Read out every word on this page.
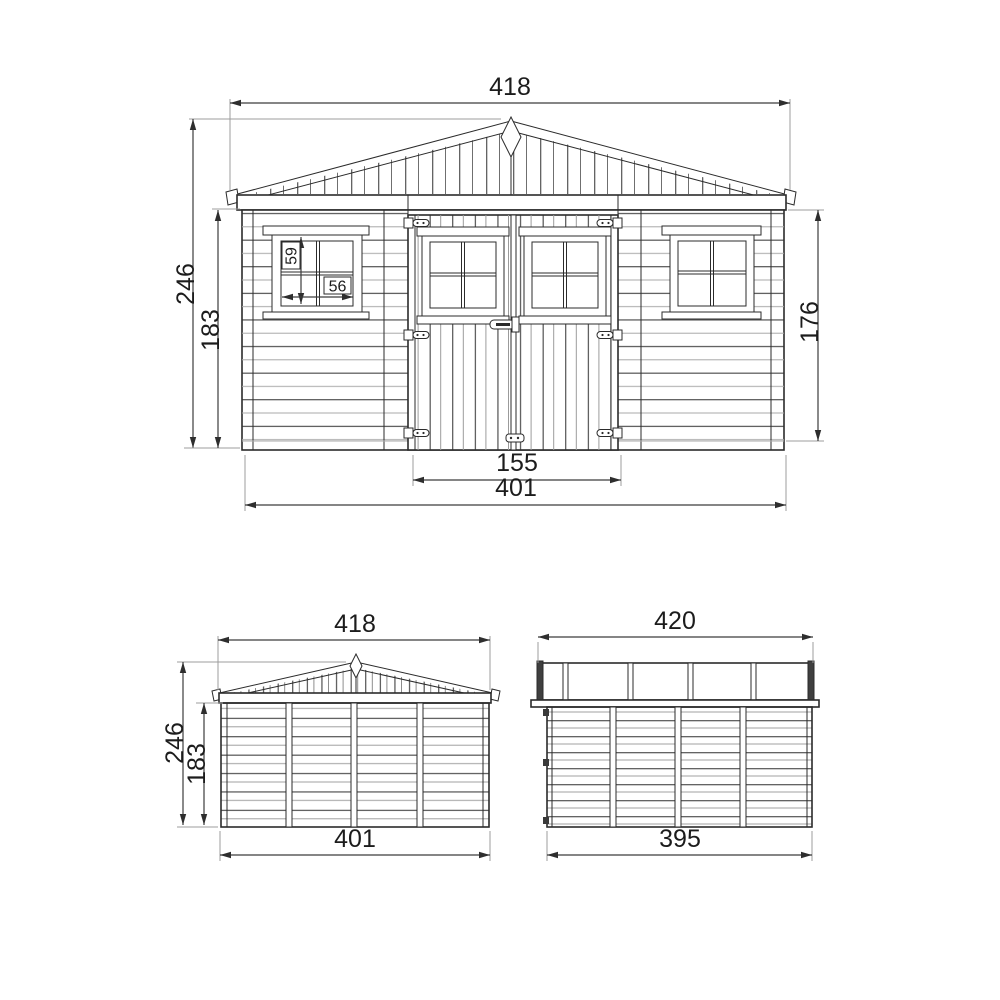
59
56
418
246
183	176
155
401
418
246
183
401
420
395
